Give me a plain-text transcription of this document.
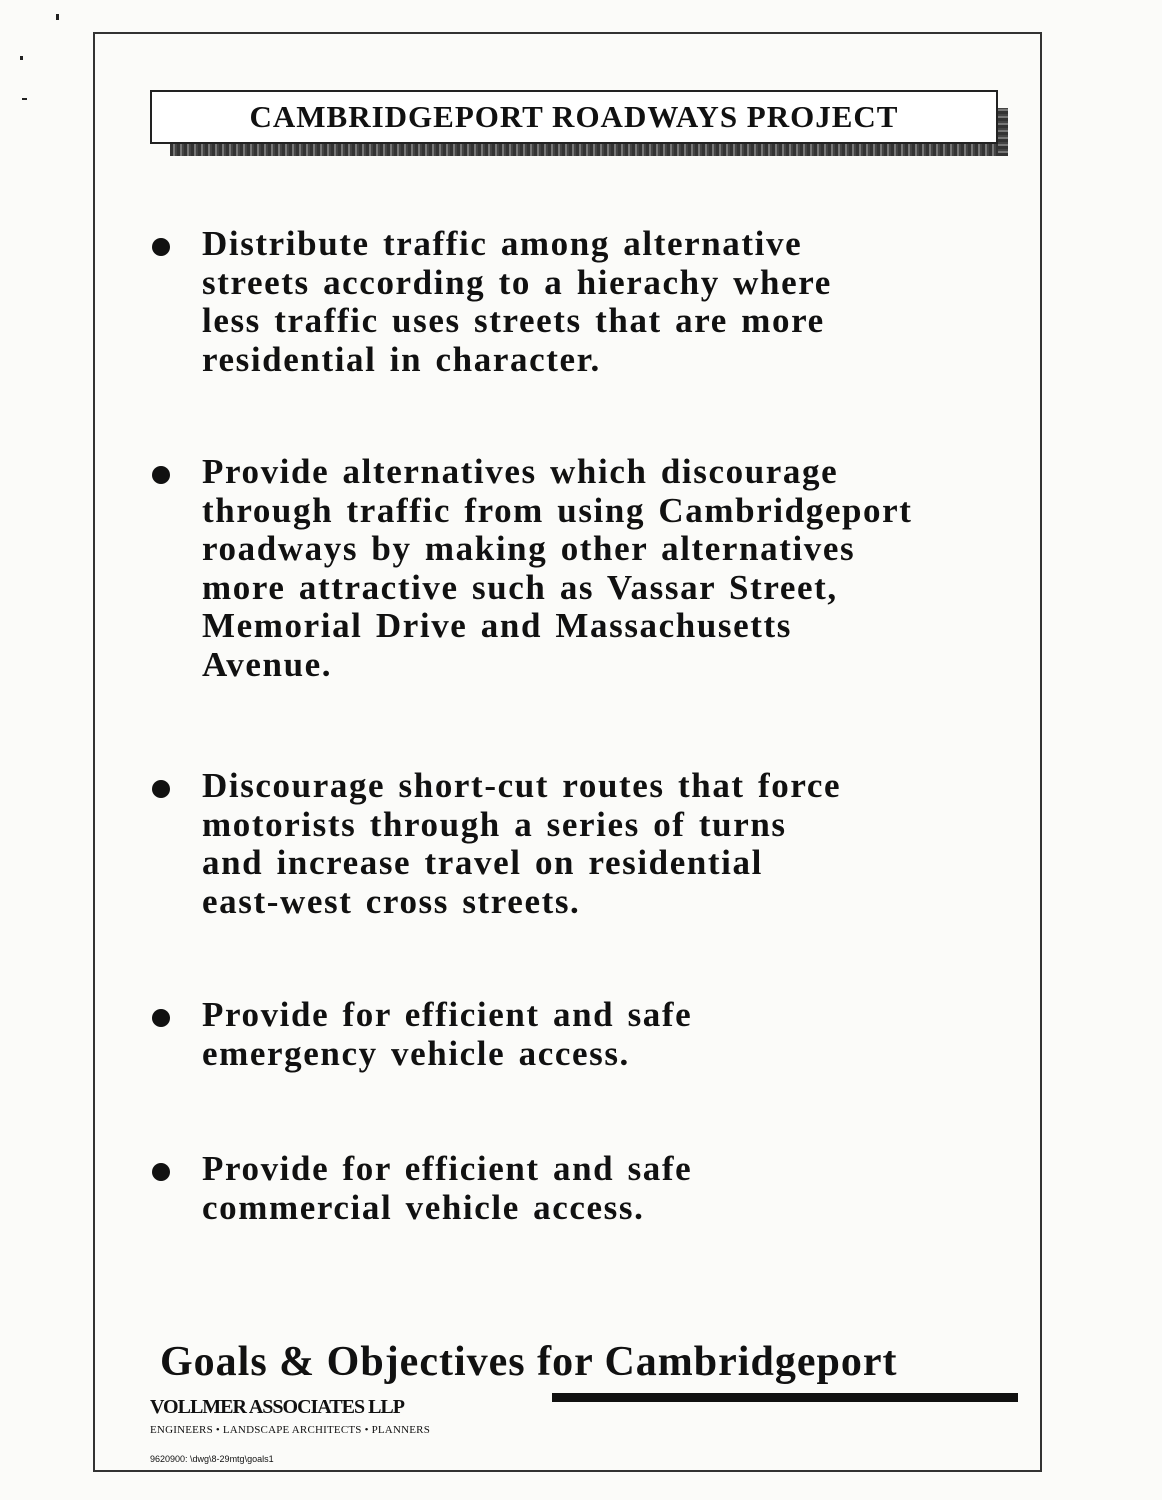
CAMBRIDGEPORT ROADWAYS PROJECT
Distribute traffic among alternative
streets according to a hierachy where
less traffic uses streets that are more
residential in character.
Provide alternatives which discourage
through traffic from using Cambridgeport
roadways by making other alternatives
more attractive such as Vassar Street,
Memorial Drive and Massachusetts
Avenue.
Discourage short-cut routes that force
motorists through a series of turns
and increase travel on residential
east-west cross streets.
Provide for efficient and safe
emergency vehicle access.
Provide for efficient and safe
commercial vehicle access.
Goals & Objectives for Cambridgeport
VOLLMER ASSOCIATES LLP
ENGINEERS • LANDSCAPE ARCHITECTS • PLANNERS
9620900: \dwg\8-29mtg\goals1
